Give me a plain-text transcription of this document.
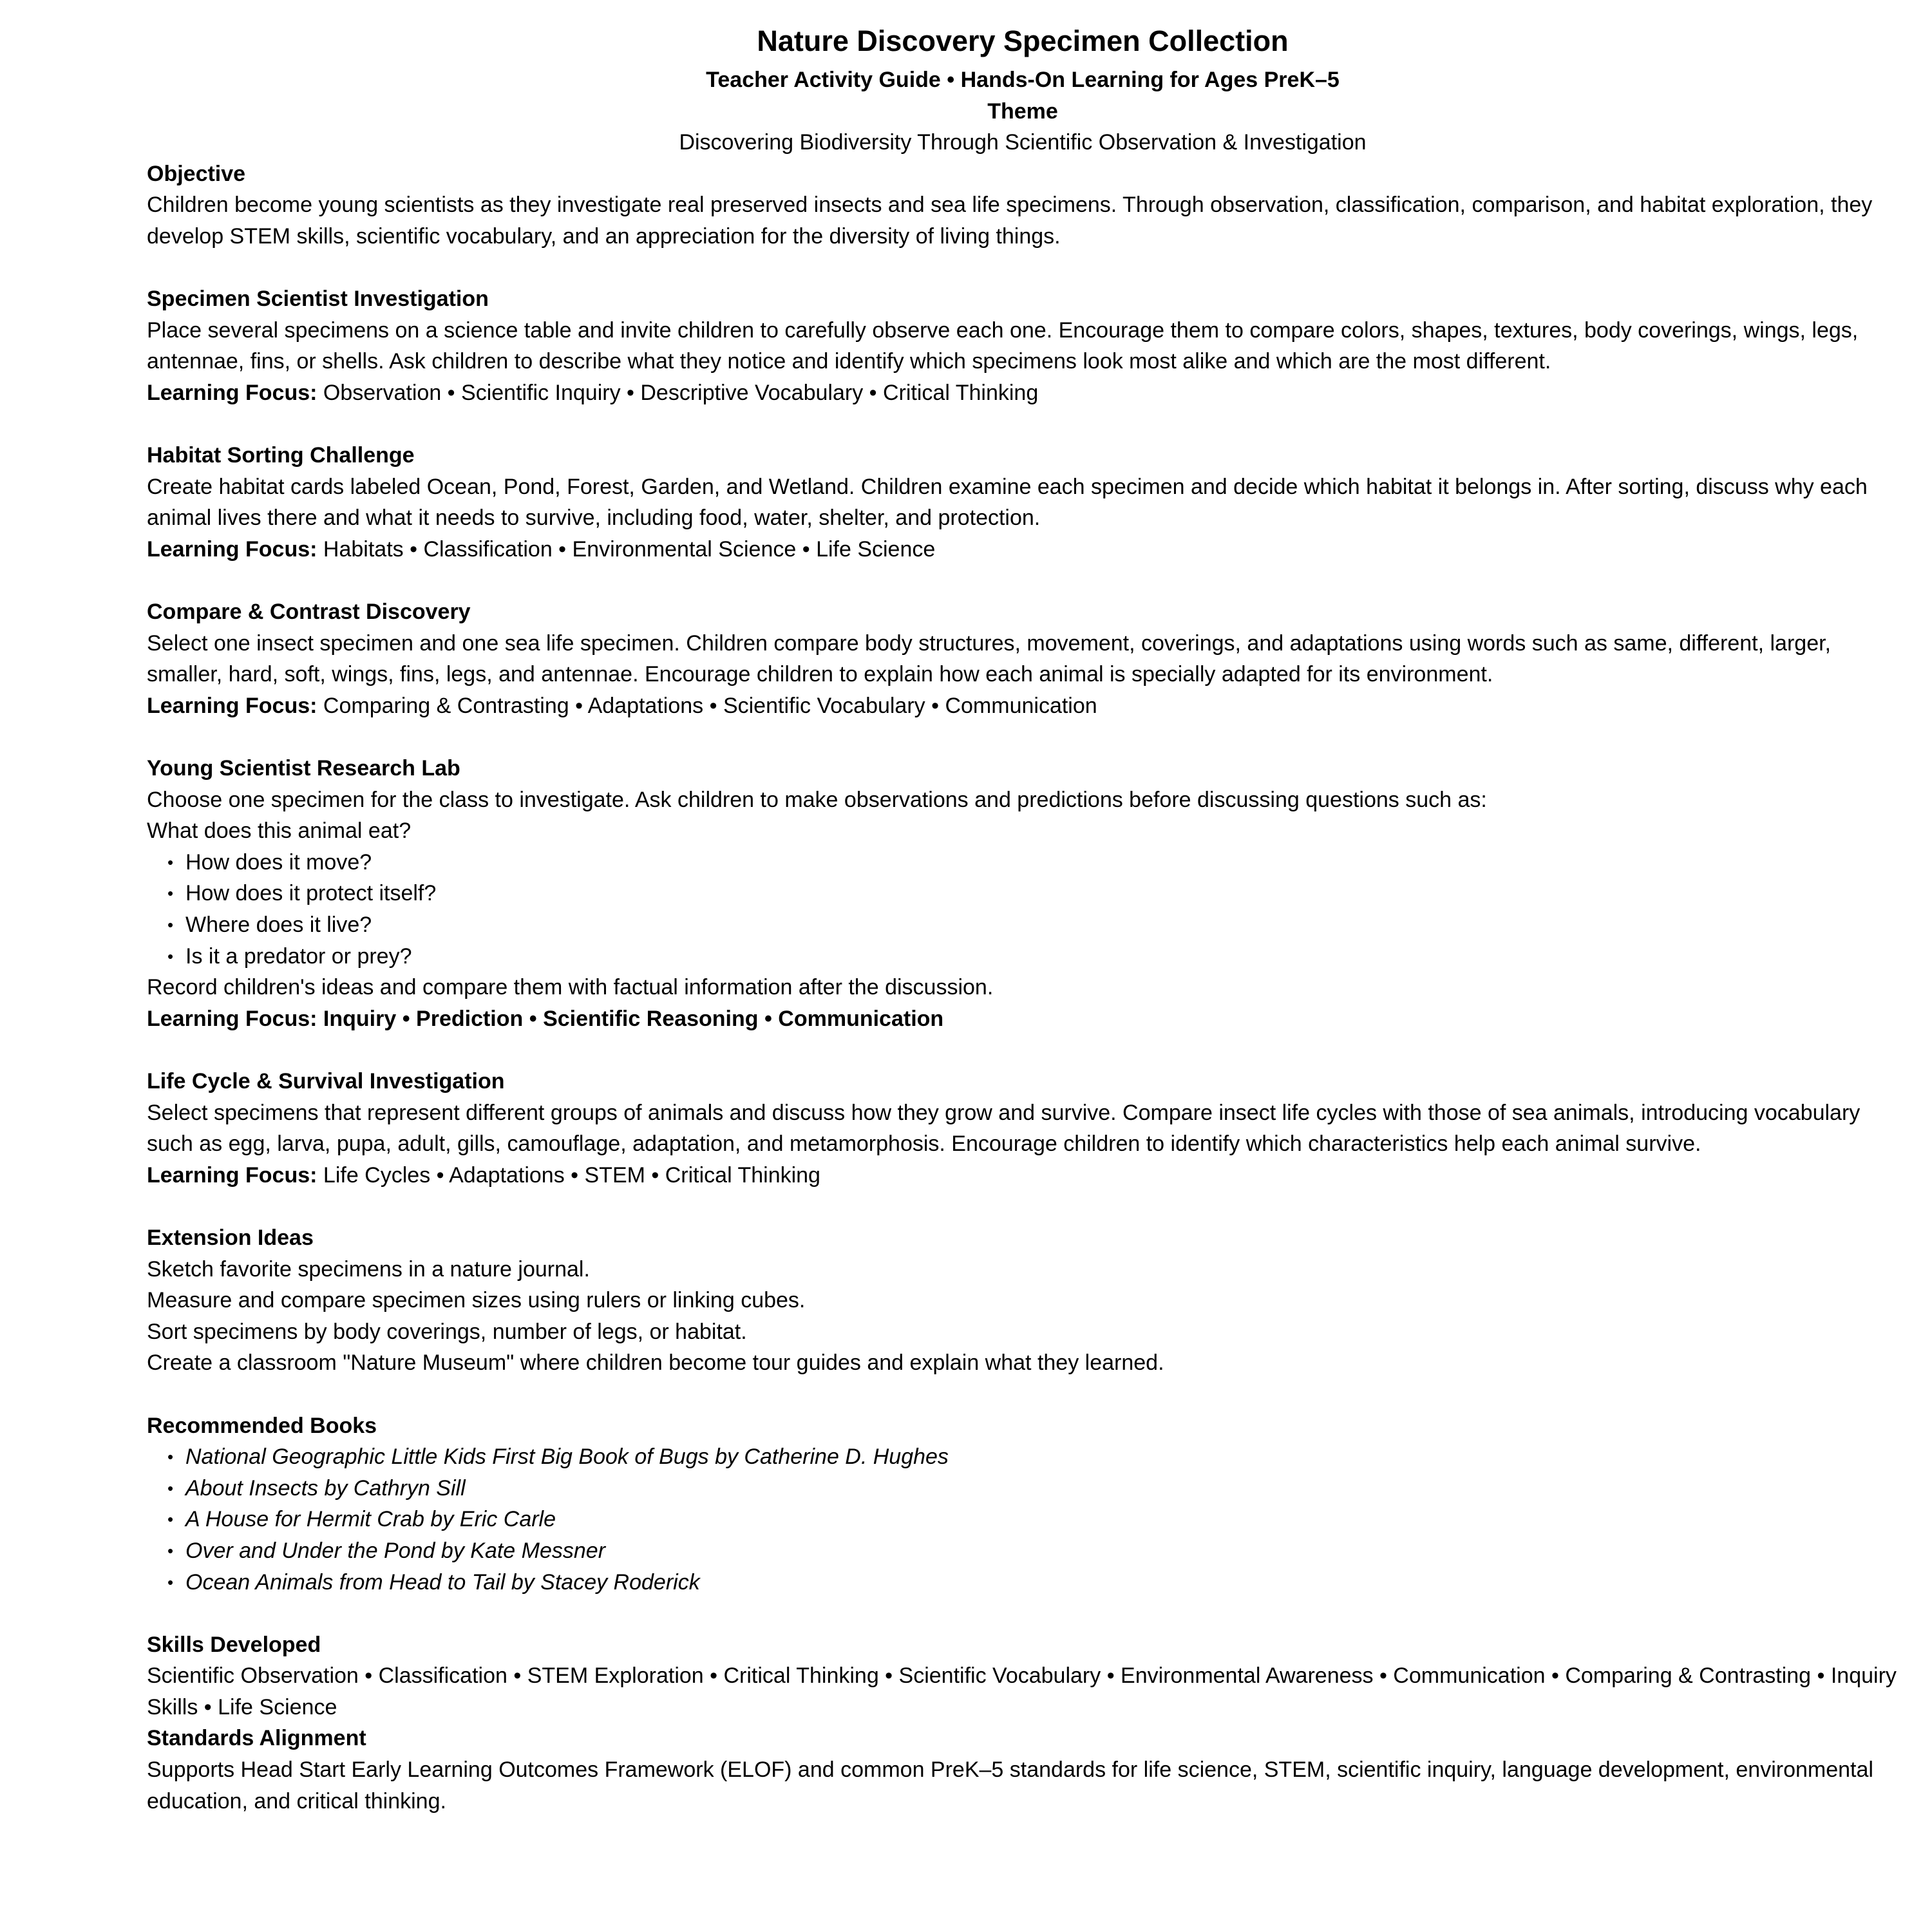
Nature Discovery Specimen Collection
Teacher Activity Guide • Hands-On Learning for Ages PreK–5
Theme
Discovering Biodiversity Through Scientific Observation & Investigation
Objective
Children become young scientists as they investigate real preserved insects and sea life specimens. Through observation, classification, comparison, and habitat exploration, they develop STEM skills, scientific vocabulary, and an appreciation for the diversity of living things.
Specimen Scientist Investigation
Place several specimens on a science table and invite children to carefully observe each one. Encourage them to compare colors, shapes, textures, body coverings, wings, legs, antennae, fins, or shells. Ask children to describe what they notice and identify which specimens look most alike and which are the most different.
Learning Focus: Observation • Scientific Inquiry • Descriptive Vocabulary • Critical Thinking
Habitat Sorting Challenge
Create habitat cards labeled Ocean, Pond, Forest, Garden, and Wetland. Children examine each specimen and decide which habitat it belongs in. After sorting, discuss why each animal lives there and what it needs to survive, including food, water, shelter, and protection.
Learning Focus: Habitats • Classification • Environmental Science • Life Science
Compare & Contrast Discovery
Select one insect specimen and one sea life specimen. Children compare body structures, movement, coverings, and adaptations using words such as same, different, larger, smaller, hard, soft, wings, fins, legs, and antennae. Encourage children to explain how each animal is specially adapted for its environment.
Learning Focus: Comparing & Contrasting • Adaptations • Scientific Vocabulary • Communication
Young Scientist Research Lab
Choose one specimen for the class to investigate. Ask children to make observations and predictions before discussing questions such as:
What does this animal eat?
• How does it move?
• How does it protect itself?
• Where does it live?
• Is it a predator or prey?
Record children's ideas and compare them with factual information after the discussion.
Learning Focus: Inquiry • Prediction • Scientific Reasoning • Communication
Life Cycle & Survival Investigation
Select specimens that represent different groups of animals and discuss how they grow and survive. Compare insect life cycles with those of sea animals, introducing vocabulary such as egg, larva, pupa, adult, gills, camouflage, adaptation, and metamorphosis. Encourage children to identify which characteristics help each animal survive.
Learning Focus: Life Cycles • Adaptations • STEM • Critical Thinking
Extension Ideas
Sketch favorite specimens in a nature journal.
Measure and compare specimen sizes using rulers or linking cubes.
Sort specimens by body coverings, number of legs, or habitat.
Create a classroom "Nature Museum" where children become tour guides and explain what they learned.
Recommended Books
• National Geographic Little Kids First Big Book of Bugs by Catherine D. Hughes
• About Insects by Cathryn Sill
• A House for Hermit Crab by Eric Carle
• Over and Under the Pond by Kate Messner
• Ocean Animals from Head to Tail by Stacey Roderick
Skills Developed
Scientific Observation • Classification • STEM Exploration • Critical Thinking • Scientific Vocabulary • Environmental Awareness • Communication • Comparing & Contrasting • Inquiry Skills • Life Science
Standards Alignment
Supports Head Start Early Learning Outcomes Framework (ELOF) and common PreK–5 standards for life science, STEM, scientific inquiry, language development, environmental education, and critical thinking.
